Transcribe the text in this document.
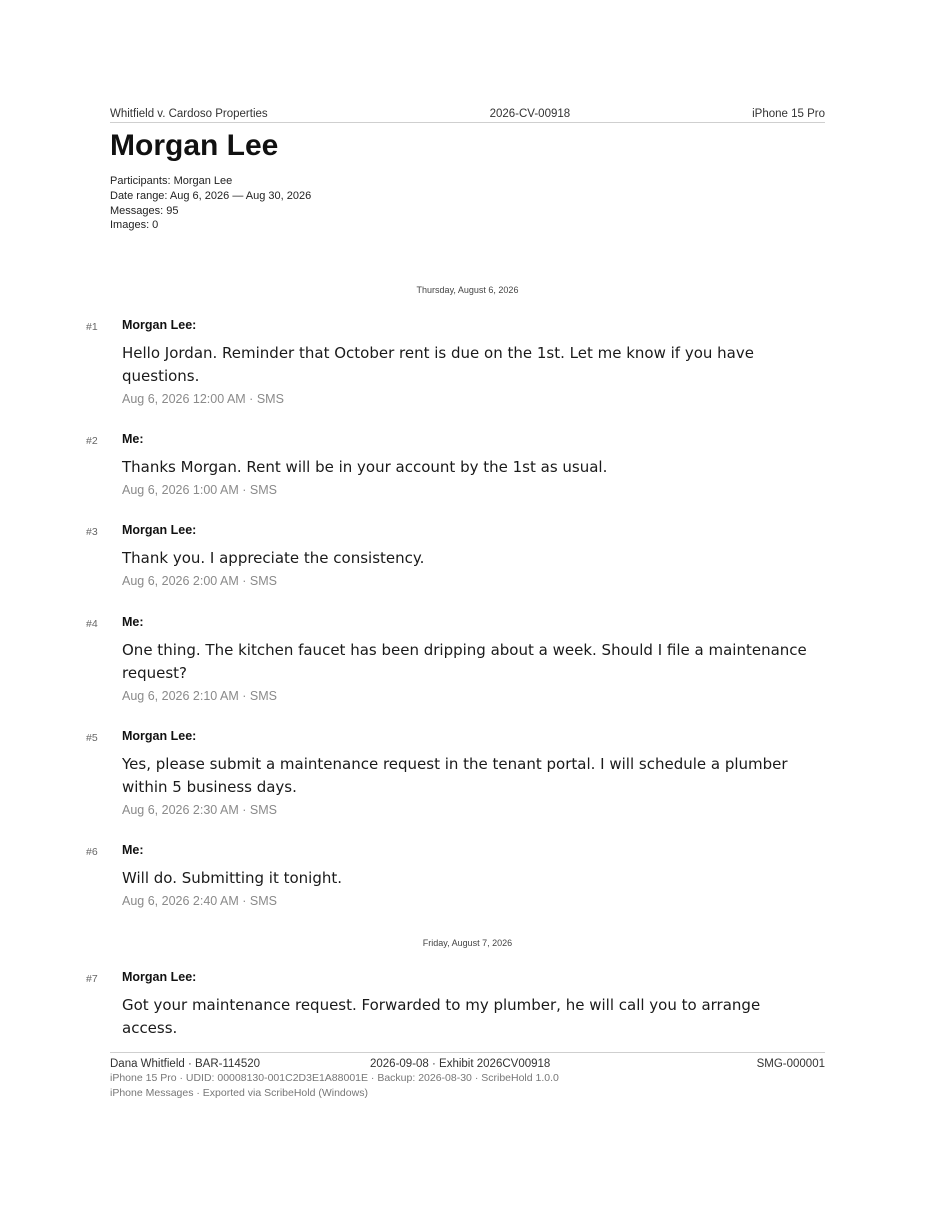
Whitfield v. Cardoso Properties	2026-CV-00918	iPhone 15 Pro
Morgan Lee
Participants: Morgan Lee
Date range: Aug 6, 2026 — Aug 30, 2026
Messages: 95
Images: 0
Thursday, August 6, 2026
#1 Morgan Lee:
Hello Jordan. Reminder that October rent is due on the 1st. Let me know if you have questions.
Aug 6, 2026 12:00 AM · SMS
#2 Me:
Thanks Morgan. Rent will be in your account by the 1st as usual.
Aug 6, 2026 1:00 AM · SMS
#3 Morgan Lee:
Thank you. I appreciate the consistency.
Aug 6, 2026 2:00 AM · SMS
#4 Me:
One thing. The kitchen faucet has been dripping about a week. Should I file a maintenance request?
Aug 6, 2026 2:10 AM · SMS
#5 Morgan Lee:
Yes, please submit a maintenance request in the tenant portal. I will schedule a plumber within 5 business days.
Aug 6, 2026 2:30 AM · SMS
#6 Me:
Will do. Submitting it tonight.
Aug 6, 2026 2:40 AM · SMS
Friday, August 7, 2026
#7 Morgan Lee:
Got your maintenance request. Forwarded to my plumber, he will call you to arrange access.
Dana Whitfield · BAR-114520	2026-09-08 · Exhibit 2026CV00918	SMG-000001
iPhone 15 Pro · UDID: 00008130-001C2D3E1A88001E · Backup: 2026-08-30 · ScribeHold 1.0.0
iPhone Messages · Exported via ScribeHold (Windows)
